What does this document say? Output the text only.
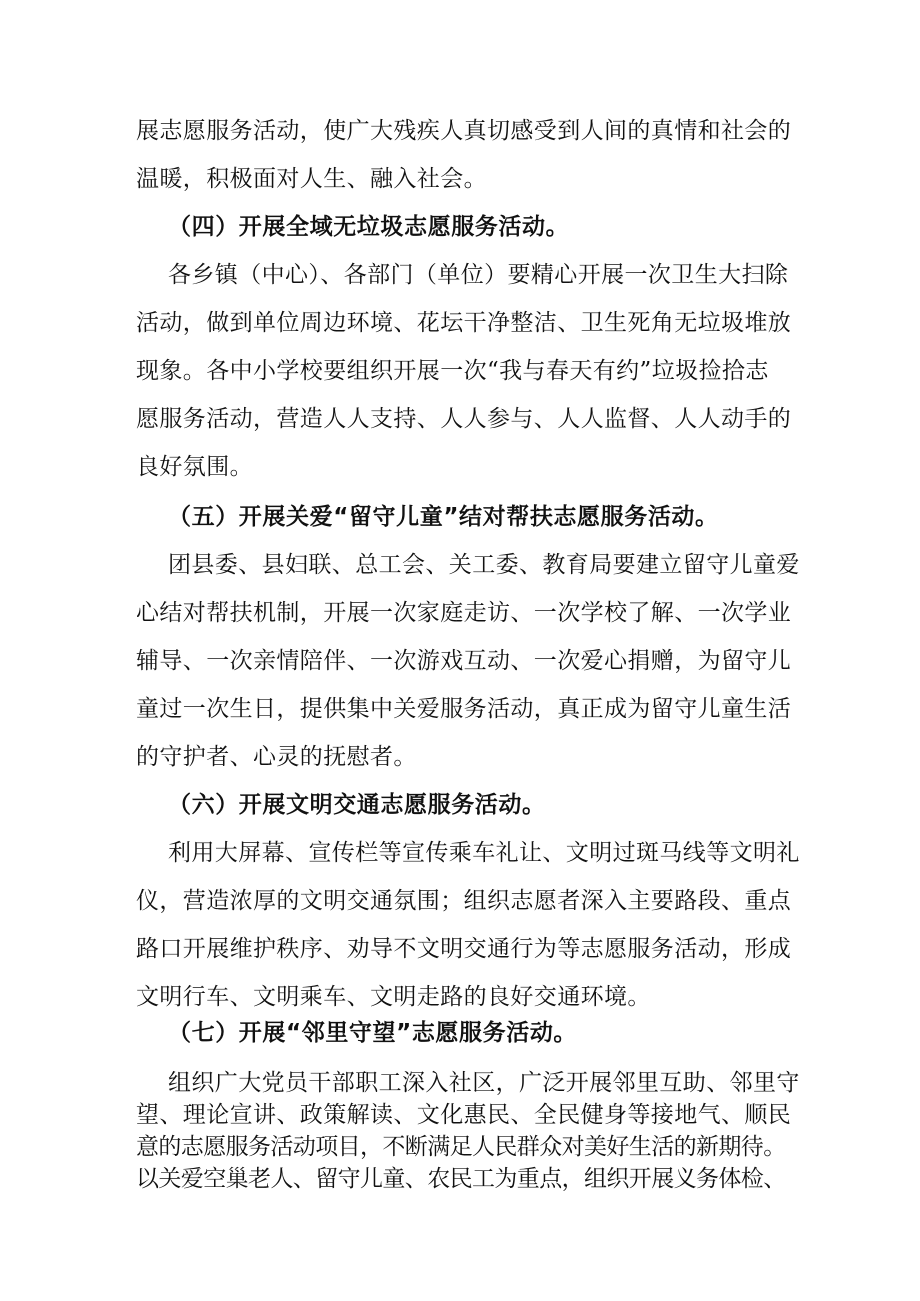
展志愿服务活动，使广大残疾人真切感受到人间的真情和社会的
温暖，积极面对人生、融入社会。
（四）开展全域无垃圾志愿服务活动。
各乡镇（中心）、各部门（单位）要精心开展一次卫生大扫除
活动，做到单位周边环境、花坛干净整洁、卫生死角无垃圾堆放
现象。各中小学校要组织开展一次“我与春天有约”垃圾捡拾志
愿服务活动，营造人人支持、人人参与、人人监督、人人动手的
良好氛围。
（五）开展关爱“留守儿童”结对帮扶志愿服务活动。
团县委、县妇联、总工会、关工委、教育局要建立留守儿童爱
心结对帮扶机制，开展一次家庭走访、一次学校了解、一次学业
辅导、一次亲情陪伴、一次游戏互动、一次爱心捐赠，为留守儿
童过一次生日，提供集中关爱服务活动，真正成为留守儿童生活
的守护者、心灵的抚慰者。
（六）开展文明交通志愿服务活动。
利用大屏幕、宣传栏等宣传乘车礼让、文明过斑马线等文明礼
仪，营造浓厚的文明交通氛围；组织志愿者深入主要路段、重点
路口开展维护秩序、劝导不文明交通行为等志愿服务活动，形成
文明行车、文明乘车、文明走路的良好交通环境。
（七）开展“邻里守望”志愿服务活动。
组织广大党员干部职工深入社区，广泛开展邻里互助、邻里守
望、理论宣讲、政策解读、文化惠民、全民健身等接地气、顺民
意的志愿服务活动项目，不断满足人民群众对美好生活的新期待。
以关爱空巢老人、留守儿童、农民工为重点，组织开展义务体检、
